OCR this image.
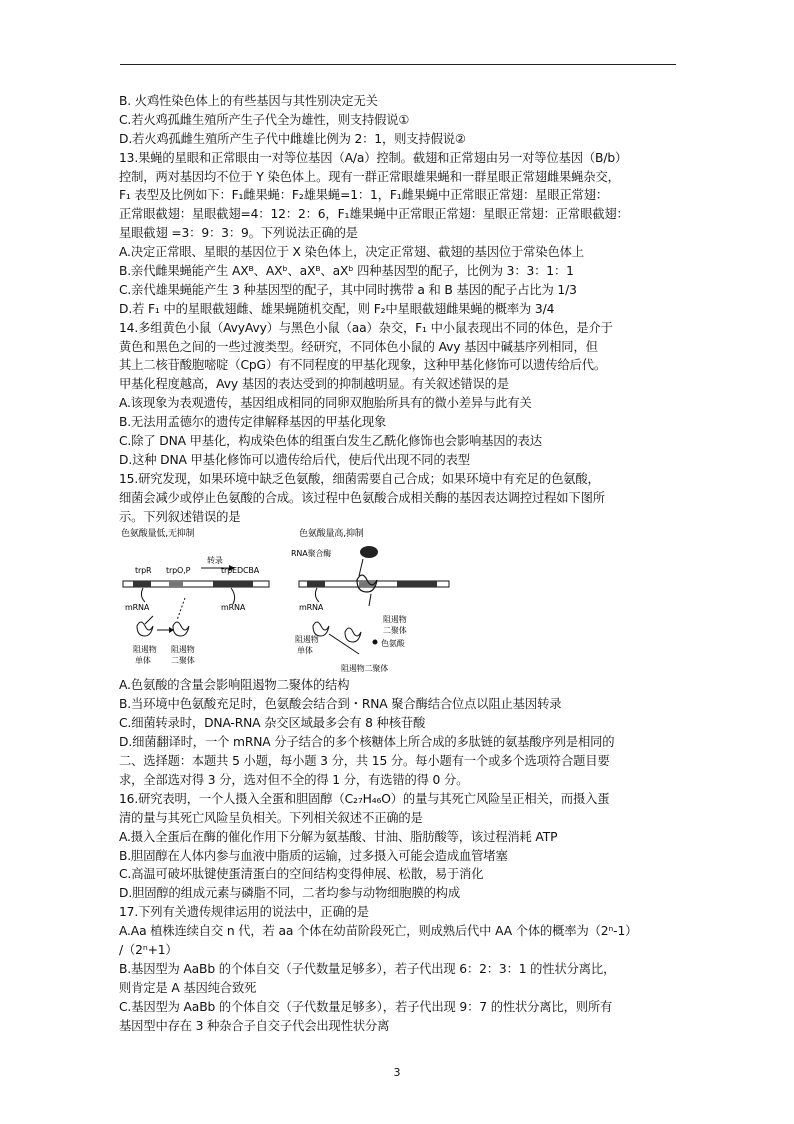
B. 火鸡性染色体上的有些基因与其性别决定无关
C.若火鸡孤雌生殖所产生子代全为雄性，则支持假说①
D.若火鸡孤雌生殖所产生子代中雌雄比例为 2：1，则支持假说②
13.果蝇的星眼和正常眼由一对等位基因（A/a）控制。截翅和正常翅由另一对等位基因（B/b）
控制，两对基因均不位于 Y 染色体上。现有一群正常眼雄果蝇和一群星眼正常翅雌果蝇杂交，
F₁ 表型及比例如下：F₁雌果蝇：F₂雄果蝇=1：1，F₁雌果蝇中正常眼正常翅：星眼正常翅：
正常眼截翅：星眼截翅=4：12：2：6，F₁雄果蝇中正常眼正常翅：星眼正常翅：正常眼截翅：
星眼截翅 =3：9：3：9。下列说法正确的是
A.决定正常眼、星眼的基因位于 X 染色体上，决定正常翅、截翅的基因位于常染色体上
B.亲代雌果蝇能产生 AXᴮ、AXᵇ、aXᴮ、aXᵇ 四种基因型的配子，比例为 3：3：1：1
C.亲代雄果蝇能产生 3 种基因型的配子，其中同时携带 a 和 B 基因的配子占比为 1/3
D.若 F₁ 中的星眼截翅雌、雄果蝇随机交配，则 F₂中星眼截翅雌果蝇的概率为 3/4
14.多组黄色小鼠（AvyAvy）与黑色小鼠（aa）杂交，F₁ 中小鼠表现出不同的体色，是介于
黄色和黑色之间的一些过渡类型。经研究，不同体色小鼠的 Avy 基因中碱基序列相同，但
其上二核苷酸胞嘧啶（CpG）有不同程度的甲基化现象，这种甲基化修饰可以遗传给后代。
甲基化程度越高，Avy 基因的表达受到的抑制越明显。有关叙述错误的是
A.该现象为表观遗传，基因组成相同的同卵双胞胎所具有的微小差异与此有关
B.无法用孟德尔的遗传定律解释基因的甲基化现象
C.除了 DNA 甲基化，构成染色体的组蛋白发生乙酰化修饰也会影响基因的表达
D.这种 DNA 甲基化修饰可以遗传给后代，使后代出现不同的表型
15.研究发现，如果环境中缺乏色氨酸，细菌需要自己合成；如果环境中有充足的色氨酸，
细菌会减少或停止色氨酸的合成。该过程中色氨酸合成相关酶的基因表达调控过程如下图所
示。下列叙述错误的是
色氨酸量低,无抑制
trpR trpO,P
转录
trpEDCBA
mRNA	mRNA
阻遏物
单体
阻遏物
二聚体
色氨酸量高,抑制
RNA聚合酶
mRNA
阻遏物
二聚体
阻遏物
单体
色氨酸
阻遏物二聚体
A.色氨酸的含量会影响阻遏物二聚体的结构
B.当环境中色氨酸充足时，色氨酸会结合到・RNA 聚合酶结合位点以阻止基因转录
C.细菌转录时，DNA-RNA 杂交区域最多会有 8 种核苷酸
D.细菌翻译时，一个 mRNA 分子结合的多个核糖体上所合成的多肽链的氨基酸序列是相同的
二、选择题：本题共 5 小题，每小题 3 分，共 15 分。每小题有一个或多个选项符合题目要
求，全部选对得 3 分，选对但不全的得 1 分，有选错的得 0 分。
16.研究表明，一个人摄入全蛋和胆固醇（C₂₇H₄₆O）的量与其死亡风险呈正相关，而摄入蛋
清的量与其死亡风险呈负相关。下列相关叙述不正确的是
A.摄入全蛋后在酶的催化作用下分解为氨基酸、甘油、脂肪酸等，该过程消耗 ATP
B.胆固醇在人体内参与血液中脂质的运输，过多摄入可能会造成血管堵塞
C.高温可破坏肽键使蛋清蛋白的空间结构变得伸展、松散，易于消化
D.胆固醇的组成元素与磷脂不同，二者均参与动物细胞膜的构成
17.下列有关遗传规律运用的说法中，正确的是
A.Aa 植株连续自交 n 代，若 aa 个体在幼苗阶段死亡，则成熟后代中 AA 个体的概率为（2ⁿ-1）
/（2ⁿ+1）
B.基因型为 AaBb 的个体自交（子代数量足够多），若子代出现 6：2：3：1 的性状分离比，
则肯定是 A 基因纯合致死
C.基因型为 AaBb 的个体自交（子代数量足够多），若子代出现 9：7 的性状分离比，则所有
基因型中存在 3 种杂合子自交子代会出现性状分离
3
